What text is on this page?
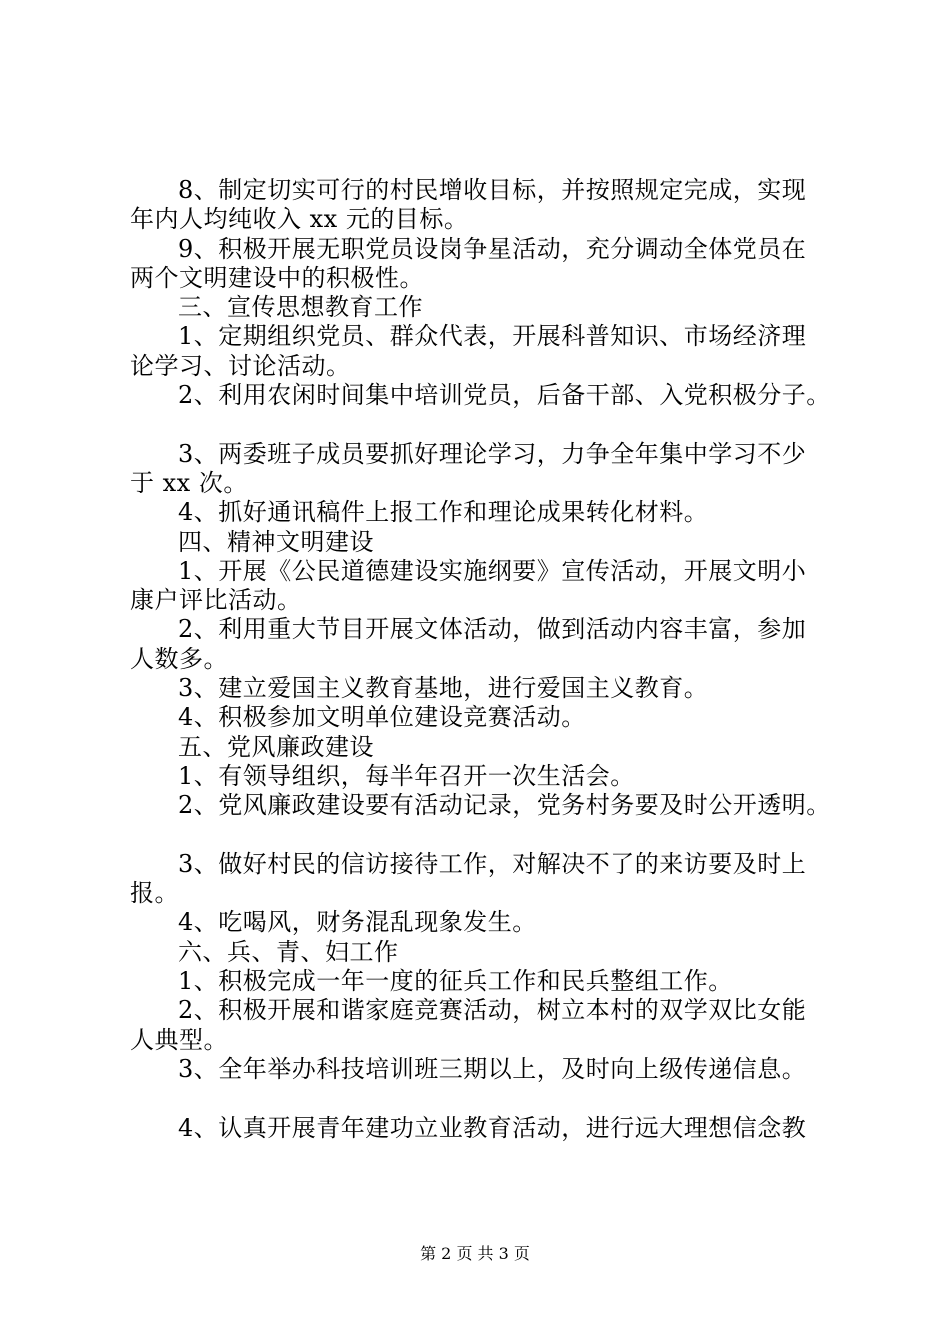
8、制定切实可行的村民增收目标，并按照规定完成，实现
年内人均纯收入 xx 元的目标。
9、积极开展无职党员设岗争星活动，充分调动全体党员在
两个文明建设中的积极性。
三、宣传思想教育工作
1、定期组织党员、群众代表，开展科普知识、市场经济理
论学习、讨论活动。
2、利用农闲时间集中培训党员，后备干部、入党积极分子。
3、两委班子成员要抓好理论学习，力争全年集中学习不少
于 xx 次。
4、抓好通讯稿件上报工作和理论成果转化材料。
四、精神文明建设
1、开展《公民道德建设实施纲要》宣传活动，开展文明小
康户评比活动。
2、利用重大节目开展文体活动，做到活动内容丰富，参加
人数多。
3、建立爱国主义教育基地，进行爱国主义教育。
4、积极参加文明单位建设竞赛活动。
五、党风廉政建设
1、有领导组织，每半年召开一次生活会。
2、党风廉政建设要有活动记录，党务村务要及时公开透明。
3、做好村民的信访接待工作，对解决不了的来访要及时上
报。
4、吃喝风，财务混乱现象发生。
六、兵、青、妇工作
1、积极完成一年一度的征兵工作和民兵整组工作。
2、积极开展和谐家庭竞赛活动，树立本村的双学双比女能
人典型。
3、全年举办科技培训班三期以上，及时向上级传递信息。
4、认真开展青年建功立业教育活动，进行远大理想信念教
第 2 页 共 3 页
